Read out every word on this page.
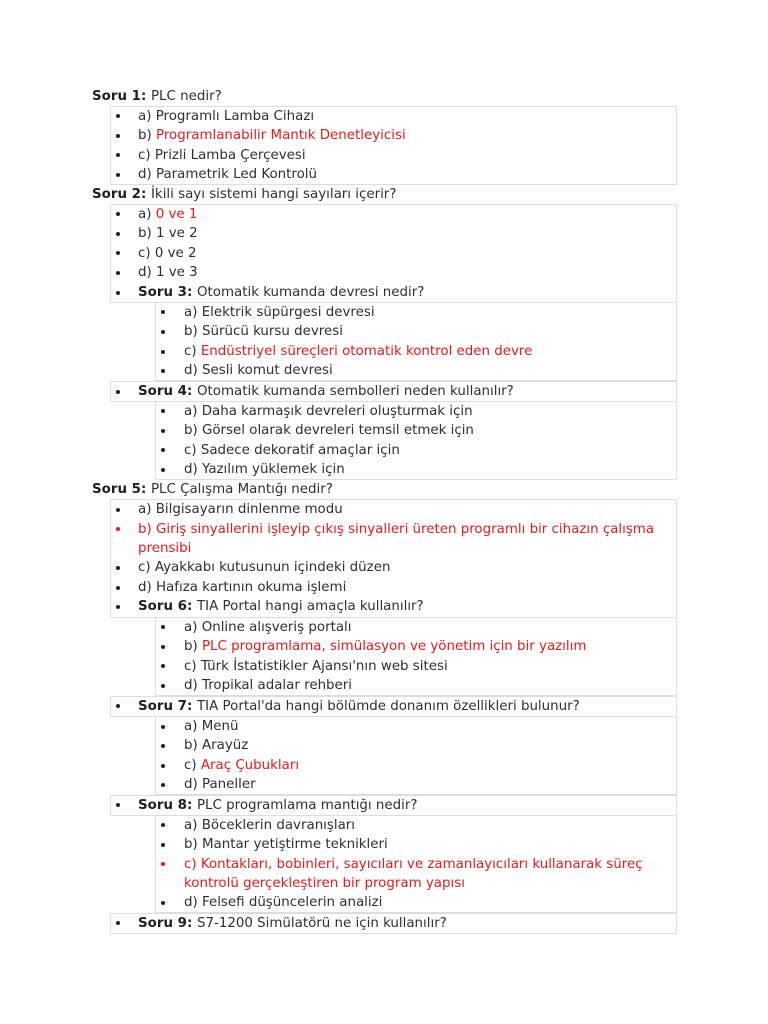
Soru 1: PLC nedir?
a) Programlı Lamba Cihazı
b) Programlanabilir Mantık Denetleyicisi
c) Prizli Lamba Çerçevesi
d) Parametrik Led Kontrolü
Soru 2: İkili sayı sistemi hangi sayıları içerir?
a) 0 ve 1
b) 1 ve 2
c) 0 ve 2
d) 1 ve 3
Soru 3: Otomatik kumanda devresi nedir?
a) Elektrik süpürgesi devresi
b) Sürücü kursu devresi
c) Endüstriyel süreçleri otomatik kontrol eden devre
d) Sesli komut devresi
Soru 4: Otomatik kumanda sembolleri neden kullanılır?
a) Daha karmaşık devreleri oluşturmak için
b) Görsel olarak devreleri temsil etmek için
c) Sadece dekoratif amaçlar için
d) Yazılım yüklemek için
Soru 5: PLC Çalışma Mantığı nedir?
a) Bilgisayarın dinlenme modu
b) Giriş sinyallerini işleyip çıkış sinyalleri üreten programlı bir cihazın çalışma
prensibi
c) Ayakkabı kutusunun içindeki düzen
d) Hafıza kartının okuma işlemi
Soru 6: TIA Portal hangi amaçla kullanılır?
a) Online alışveriş portalı
b) PLC programlama, simülasyon ve yönetim için bir yazılım
c) Türk İstatistikler Ajansı'nın web sitesi
d) Tropikal adalar rehberi
Soru 7: TIA Portal'da hangi bölümde donanım özellikleri bulunur?
a) Menü
b) Arayüz
c) Araç Çubukları
d) Paneller
Soru 8: PLC programlama mantığı nedir?
a) Böceklerin davranışları
b) Mantar yetiştirme teknikleri
c) Kontakları, bobinleri, sayıcıları ve zamanlayıcıları kullanarak süreç
kontrolü gerçekleştiren bir program yapısı
d) Felsefi düşüncelerin analizi
Soru 9: S7-1200 Simülatörü ne için kullanılır?
